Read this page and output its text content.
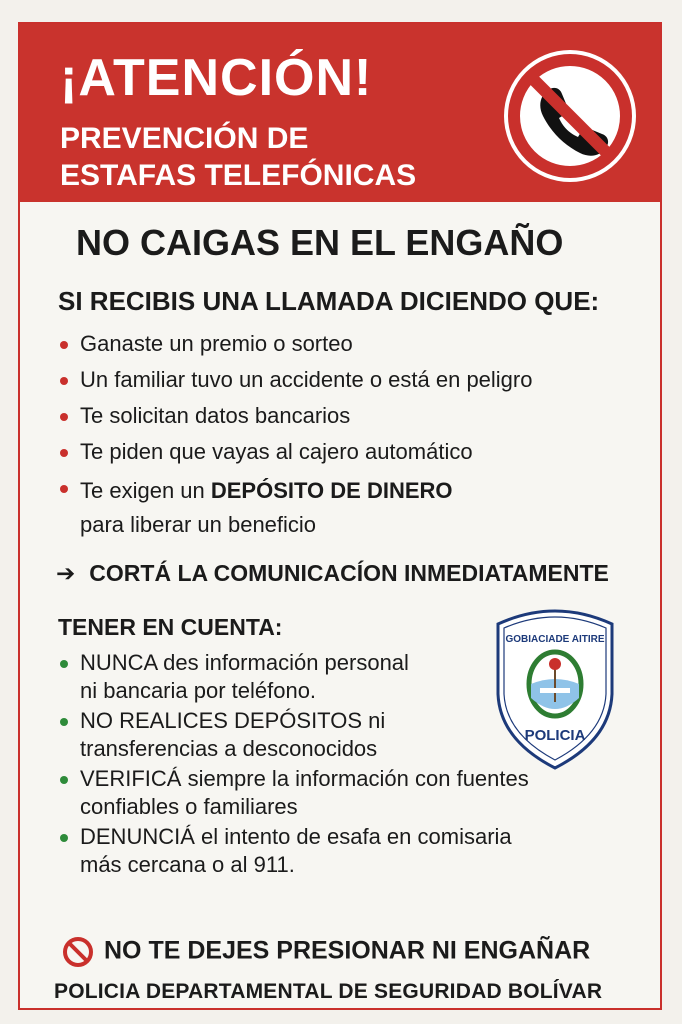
¡ATENCIÓN!
PREVENCIÓN DE
ESTAFAS TELEFÓNICAS
NO CAIGAS EN EL ENGAÑO
SI RECIBIS UNA LLAMADA DICIENDO QUE:
Ganaste un premio o sorteo
Un familiar tuvo un accidente o está en peligro
Te solicitan datos bancarios
Te piden que vayas al cajero automático
Te exigen un DEPÓSITO DE DINERO
para liberar un beneficio
➔ CORTÁ LA COMUNICACÍON INMEDIATAMENTE
TENER EN CUENTA:
NUNCA des información personal
ni bancaria por teléfono.
NO REALICES DEPÓSITOS ni
transferencias a desconocidos
VERIFICÁ siempre la información con fuentes
confiables o familiares
DENUNCIÁ el intento de esafa en comisaria
más cercana o al 911.
GOBIACIADE AITIRE
POLICIA
NO TE DEJES PRESIONAR NI ENGAÑAR
POLICIA DEPARTAMENTAL DE SEGURIDAD BOLÍVAR
